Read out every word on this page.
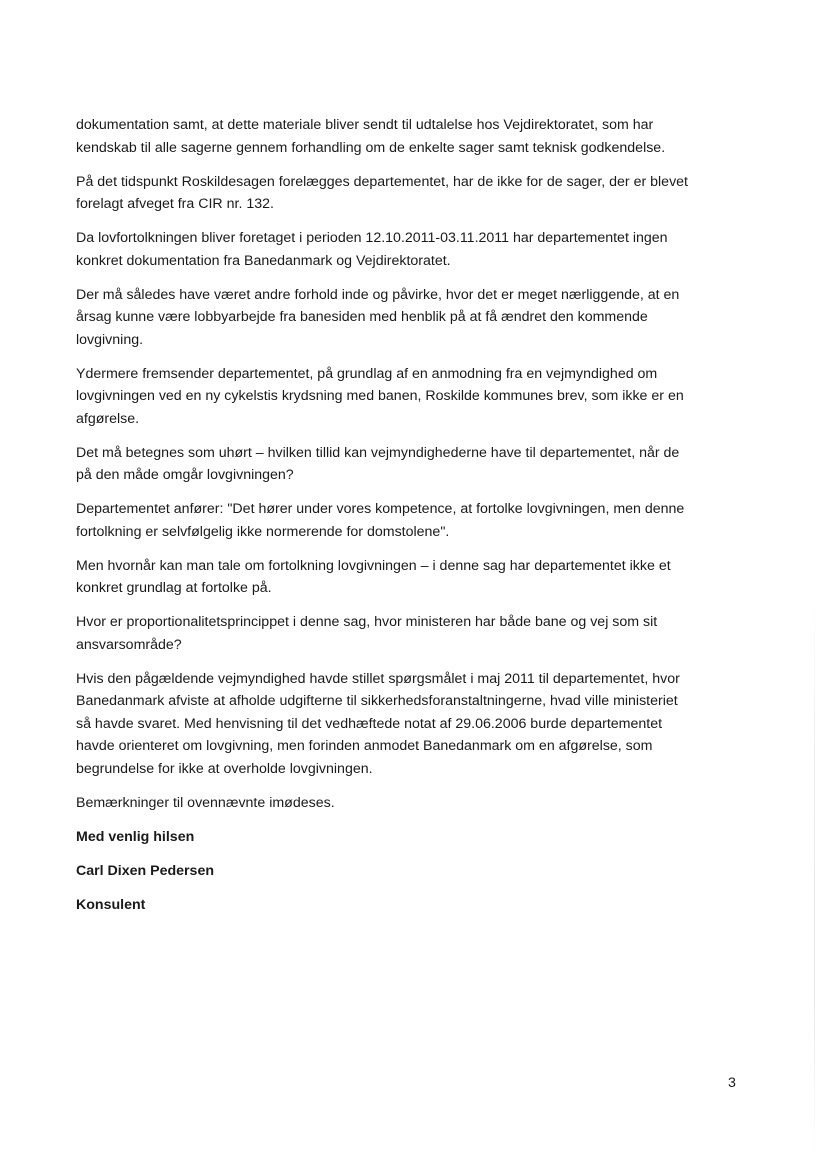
dokumentation samt, at dette materiale bliver sendt til udtalelse hos Vejdirektoratet, som har
kendskab til alle sagerne gennem forhandling om de enkelte sager samt teknisk godkendelse.

På det tidspunkt Roskildesagen forelægges departementet, har de ikke for de sager, der er blevet
forelagt afveget fra CIR nr. 132.

Da lovfortolkningen bliver foretaget i perioden 12.10.2011-03.11.2011 har departementet ingen
konkret dokumentation fra Banedanmark og Vejdirektoratet.

Der må således have været andre forhold inde og påvirke, hvor det er meget nærliggende, at en
årsag kunne være lobbyarbejde fra banesiden med henblik på at få ændret den kommende
lovgivning.

Ydermere fremsender departementet, på grundlag af en anmodning fra en vejmyndighed om
lovgivningen ved en ny cykelstis krydsning med banen, Roskilde kommunes brev, som ikke er en
afgørelse.

Det må betegnes som uhørt – hvilken tillid kan vejmyndighederne have til departementet, når de
på den måde omgår lovgivningen?

Departementet anfører: "Det hører under vores kompetence, at fortolke lovgivningen, men denne
fortolkning er selvfølgelig ikke normerende for domstolene".

Men hvornår kan man tale om fortolkning lovgivningen – i denne sag har departementet ikke et
konkret grundlag at fortolke på.

Hvor er proportionalitetsprincippet i denne sag, hvor ministeren har både bane og vej som sit
ansvarsområde?

Hvis den pågældende vejmyndighed havde stillet spørgsmålet i maj 2011 til departementet, hvor
Banedanmark afviste at afholde udgifterne til sikkerhedsforanstaltningerne, hvad ville ministeriet
så havde svaret. Med henvisning til det vedhæftede notat af 29.06.2006 burde departementet
havde orienteret om lovgivning, men forinden anmodet Banedanmark om en afgørelse, som
begrundelse for ikke at overholde lovgivningen.

Bemærkninger til ovennævnte imødeses.

Med venlig hilsen

Carl Dixen Pedersen

Konsulent

3
